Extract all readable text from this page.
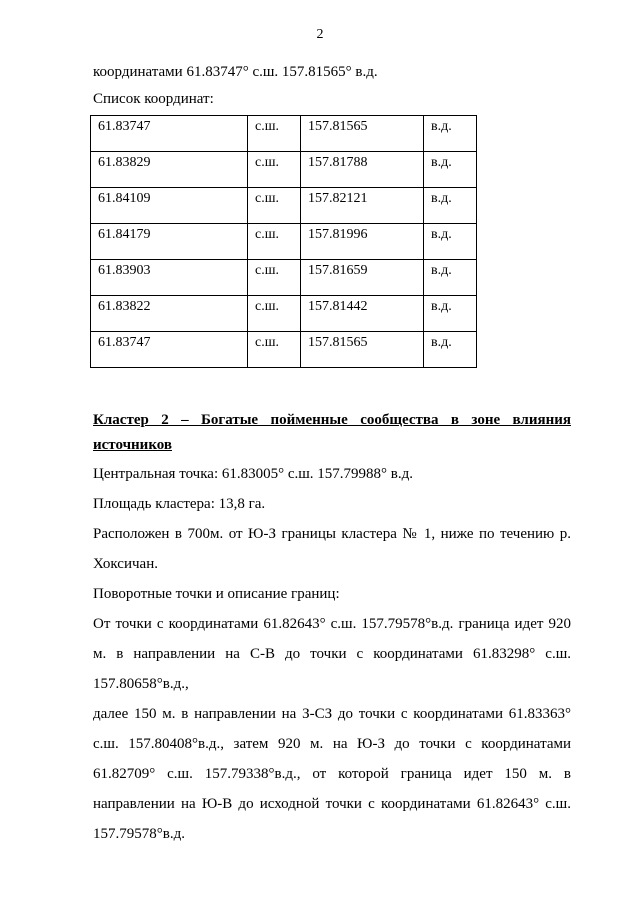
2
координатами 61.83747° с.ш. 157.81565° в.д.
Список координат:
61.83747	с.ш.	157.81565	в.д.
61.83829	с.ш.	157.81788	в.д.
61.84109	с.ш.	157.82121	в.д.
61.84179	с.ш.	157.81996	в.д.
61.83903	с.ш.	157.81659	в.д.
61.83822	с.ш.	157.81442	в.д.
61.83747	с.ш.	157.81565	в.д.
Кластер 2 – Богатые пойменные сообщества в зоне влияния источников
Центральная точка: 61.83005° с.ш. 157.79988° в.д.
Площадь кластера: 13,8 га.
Расположен в 700м. от Ю-З границы кластера № 1, ниже по течению р. Хоксичан.
Поворотные точки и описание границ:
От точки с координатами 61.82643° с.ш. 157.79578°в.д. граница идет 920 м. в направлении на С-В до точки с координатами 61.83298° с.ш. 157.80658°в.д.,
далее 150 м. в направлении на З-СЗ до точки с координатами 61.83363° с.ш. 157.80408°в.д., затем 920 м. на Ю-З до точки с координатами 61.82709° с.ш. 157.79338°в.д., от которой граница идет 150 м. в направлении на Ю-В до исходной точки с координатами 61.82643° с.ш. 157.79578°в.д.
